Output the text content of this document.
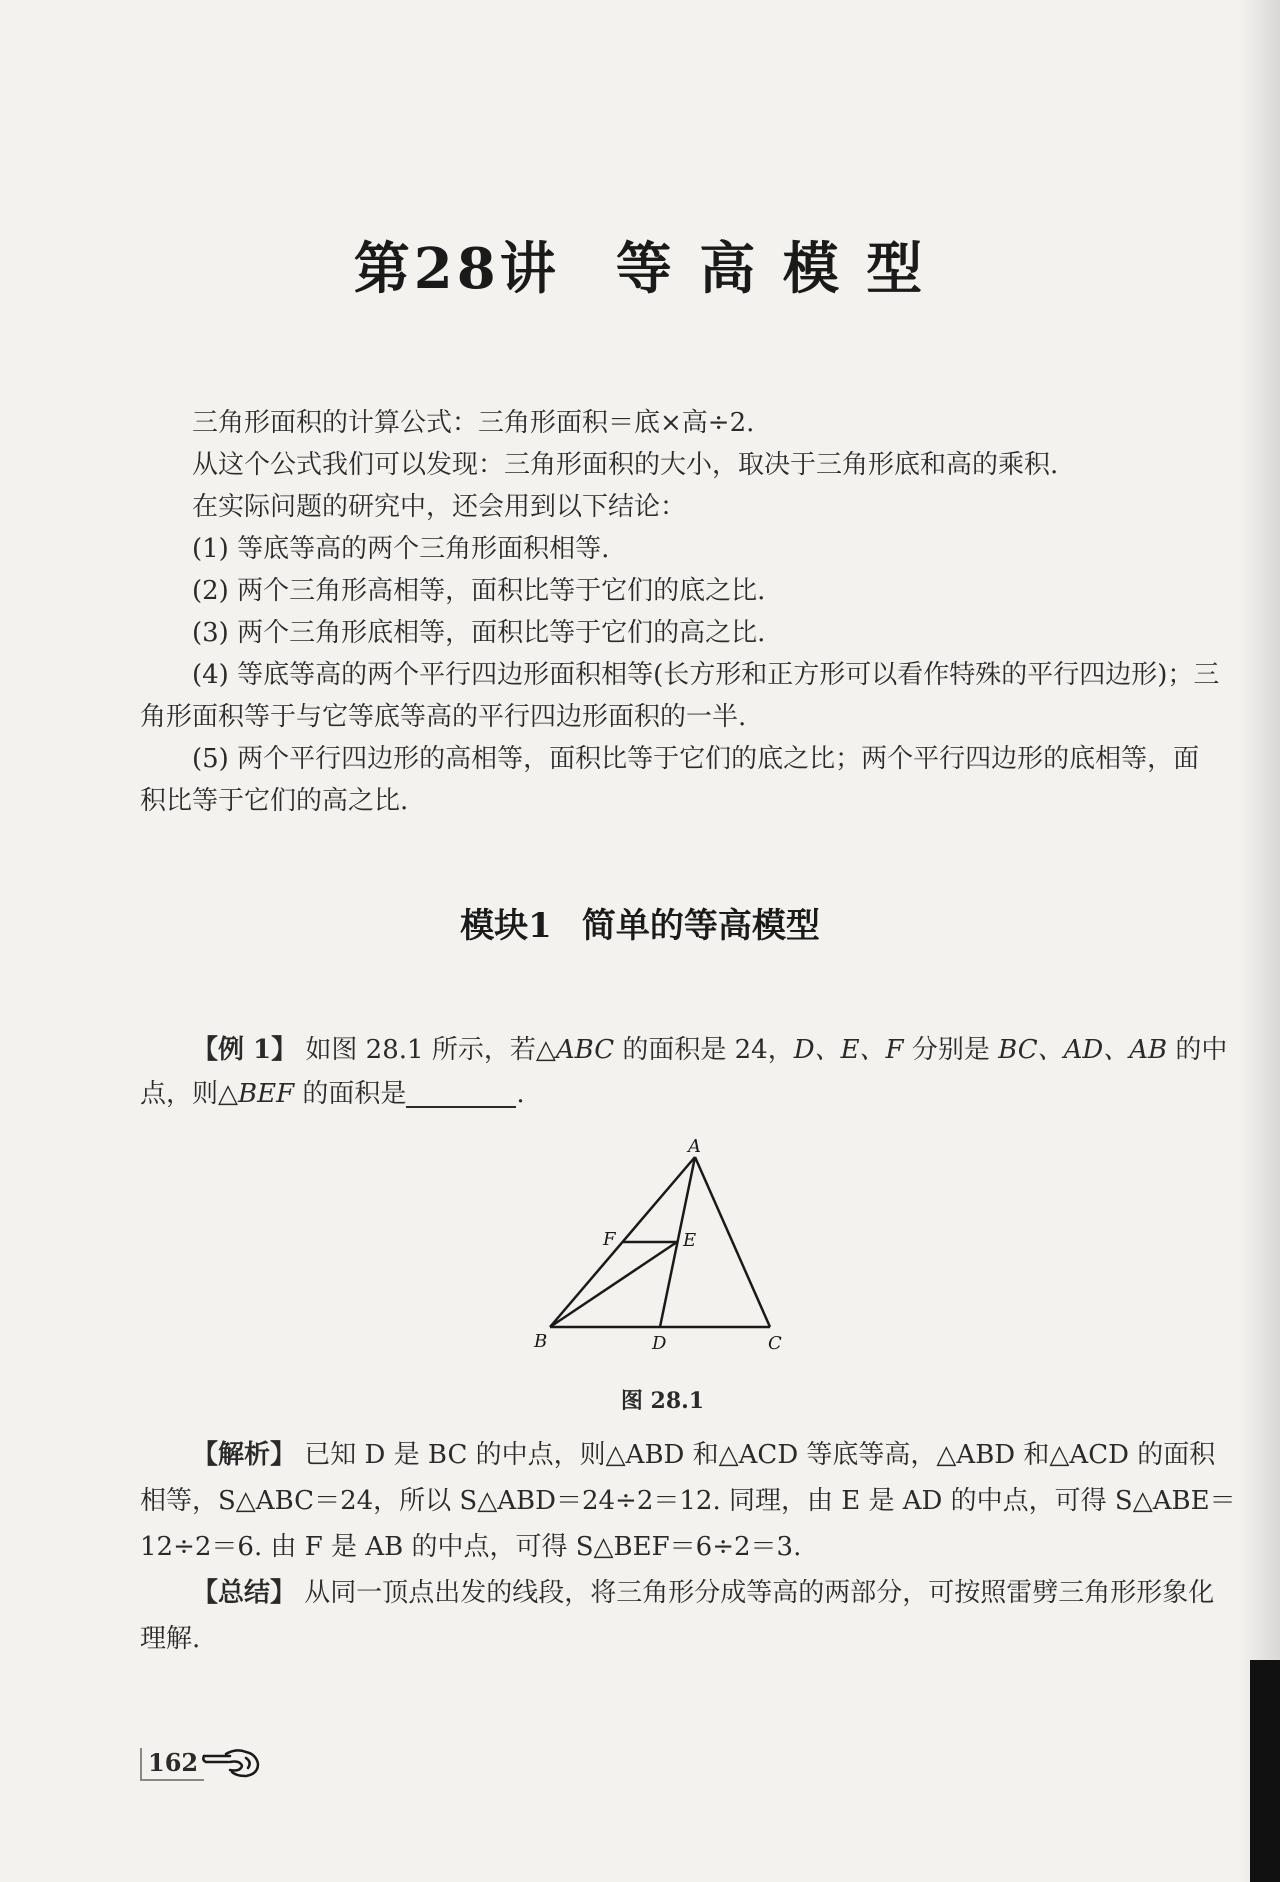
第28讲 等 高 模 型

三角形面积的计算公式：三角形面积＝底×高÷2.

从这个公式我们可以发现：三角形面积的大小，取决于三角形底和高的乘积.

在实际问题的研究中，还会用到以下结论：

(1) 等底等高的两个三角形面积相等.

(2) 两个三角形高相等，面积比等于它们的底之比.

(3) 两个三角形底相等，面积比等于它们的高之比.

(4) 等底等高的两个平行四边形面积相等(长方形和正方形可以看作特殊的平行四边形)；三角形面积等于与它等底等高的平行四边形面积的一半.

(5) 两个平行四边形的高相等，面积比等于它们的底之比；两个平行四边形的底相等，面积比等于它们的高之比.

模块1 简单的等高模型

【例 1】 如图 28.1 所示，若△ABC 的面积是 24，D、E、F 分别是 BC、AD、AB 的中点，则△BEF 的面积是	.

A
B	C
D
E
F
图 28.1

【解析】 已知 D 是 BC 的中点，则△ABD 和△ACD 等底等高，△ABD 和△ACD 的面积相等，S△ABC＝24，所以 S△ABD＝24÷2＝12. 同理，由 E 是 AD 的中点，可得 S△ABE＝12÷2＝6. 由 F 是 AB 的中点，可得 S△BEF＝6÷2＝3.

【总结】 从同一顶点出发的线段，将三角形分成等高的两部分，可按照雷劈三角形形象化理解.

162
